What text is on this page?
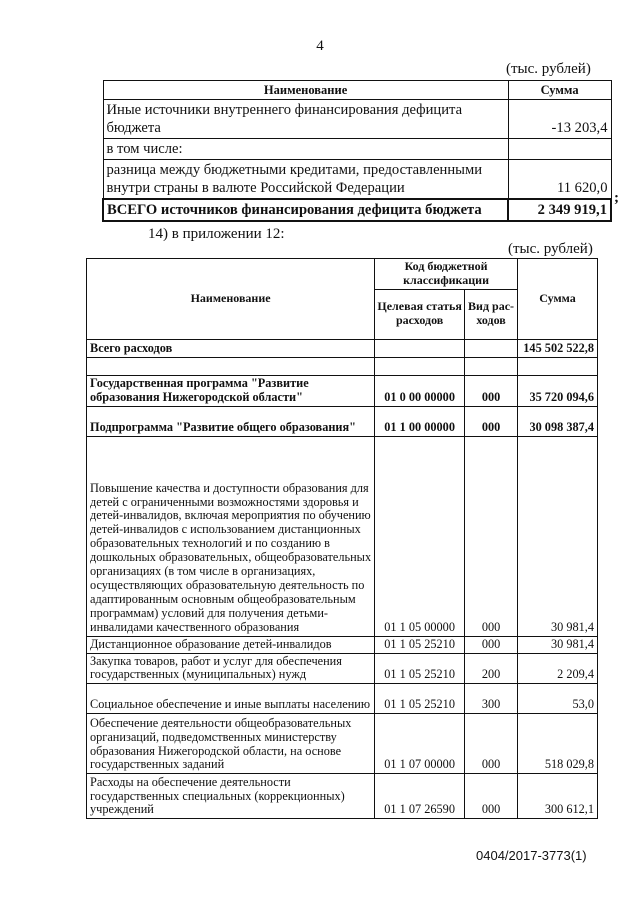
4
(тыс. рублей)
Наименование	Сумма
Иные источники внутреннего финансирования дефицита бюджета	-13 203,4
в том числе:	
разница между бюджетными кредитами, предоставленными внутри страны в валюте Российской Федерации	11 620,0
ВСЕГО источников финансирования дефицита бюджета	2 349 919,1
;
14) в приложении 12:
(тыс. рублей)
Наименование	Код бюджетной классификации		Сумма
	Целевая статья расходов	Вид рас-ходов	
Всего расходов			145 502 522,8

Государственная программа "Развитие образования Нижегородской области"	01 0 00 00000	000	35 720 094,6
Подпрограмма "Развитие общего образования"	01 1 00 00000	000	30 098 387,4
Повышение качества и доступности образования для детей с ограниченными возможностями здоровья и детей-инвалидов, включая мероприятия по обучению детей-инвалидов с использованием дистанционных образовательных технологий и по созданию в дошкольных образовательных, общеобразовательных организациях (в том числе в организациях, осуществляющих образовательную деятельность по адаптированным основным общеобразовательным программам) условий для получения детьми-инвалидами качественного образования	01 1 05 00000	000	30 981,4
Дистанционное образование детей-инвалидов	01 1 05 25210	000	30 981,4
Закупка товаров, работ и услуг для обеспечения государственных (муниципальных) нужд	01 1 05 25210	200	2 209,4
Социальное обеспечение и иные выплаты населению	01 1 05 25210	300	53,0
Обеспечение деятельности общеобразовательных организаций, подведомственных министерству образования Нижегородской области, на основе государственных заданий	01 1 07 00000	000	518 029,8
Расходы на обеспечение деятельности государственных специальных (коррекционных) учреждений	01 1 07 26590	000	300 612,1
0404/2017-3773(1)
